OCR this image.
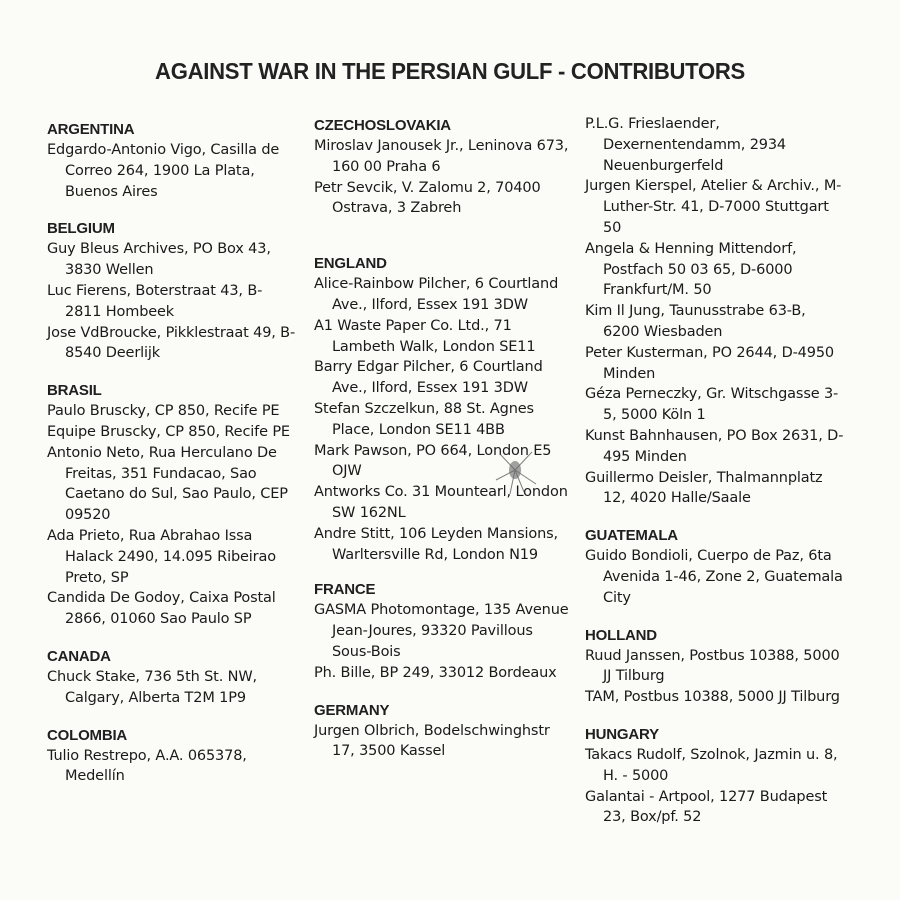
AGAINST WAR IN THE PERSIAN GULF - CONTRIBUTORS
ARGENTINA
Edgardo-Antonio Vigo, Casilla de Correo 264, 1900 La Plata, Buenos Aires
BELGIUM
Guy Bleus Archives, PO Box 43, 3830 Wellen
Luc Fierens, Boterstraat 43, B-2811 Hombeek
Jose VdBroucke, Pikklestraat 49, B-8540 Deerlijk
BRASIL
Paulo Bruscky, CP 850, Recife PE
Equipe Bruscky, CP 850, Recife PE
Antonio Neto, Rua Herculano De Freitas, 351 Fundacao, Sao Caetano do Sul, Sao Paulo, CEP 09520
Ada Prieto, Rua Abrahao Issa Halack 2490, 14.095 Ribeirao Preto, SP
Candida De Godoy, Caixa Postal 2866, 01060 Sao Paulo SP
CANADA
Chuck Stake, 736 5th St. NW, Calgary, Alberta T2M 1P9
COLOMBIA
Tulio Restrepo, A.A. 065378, Medellín
CZECHOSLOVAKIA
Miroslav Janousek Jr., Leninova 673, 160 00 Praha 6
Petr Sevcik, V. Zalomu 2, 70400 Ostrava, 3 Zabreh
ENGLAND
Alice-Rainbow Pilcher, 6 Courtland Ave., Ilford, Essex 191 3DW
A1 Waste Paper Co. Ltd., 71 Lambeth Walk, London SE11
Barry Edgar Pilcher, 6 Courtland Ave., Ilford, Essex 191 3DW
Stefan Szczelkun, 88 St. Agnes Place, London SE11 4BB
Mark Pawson, PO 664, London E5 OJW
Antworks Co. 31 Mountearl, London SW 162NL
Andre Stitt, 106 Leyden Mansions, Warltersville Rd, London N19
FRANCE
GASMA Photomontage, 135 Avenue Jean-Joures, 93320 Pavillous Sous-Bois
Ph. Bille, BP 249, 33012 Bordeaux
GERMANY
Jurgen Olbrich, Bodelschwinghstr 17, 3500 Kassel
P.L.G. Frieslaender, Dexernentendamm, 2934 Neuenburgerfeld
Jurgen Kierspel, Atelier & Archiv., M-Luther-Str. 41, D-7000 Stuttgart 50
Angela & Henning Mittendorf, Postfach 50 03 65, D-6000 Frankfurt/M. 50
Kim Il Jung, Taunusstrabe 63-B, 6200 Wiesbaden
Peter Kusterman, PO 2644, D-4950 Minden
Géza Perneczky, Gr. Witschgasse 3-5, 5000 Köln 1
Kunst Bahnhausen, PO Box 2631, D-495 Minden
Guillermo Deisler, Thalmannplatz 12, 4020 Halle/Saale
GUATEMALA
Guido Bondioli, Cuerpo de Paz, 6ta Avenida 1-46, Zone 2, Guatemala City
HOLLAND
Ruud Janssen, Postbus 10388, 5000 JJ Tilburg
TAM, Postbus 10388, 5000 JJ Tilburg
HUNGARY
Takacs Rudolf, Szolnok, Jazmin u. 8, H. - 5000
Galantai - Artpool, 1277 Budapest 23, Box/pf. 52
